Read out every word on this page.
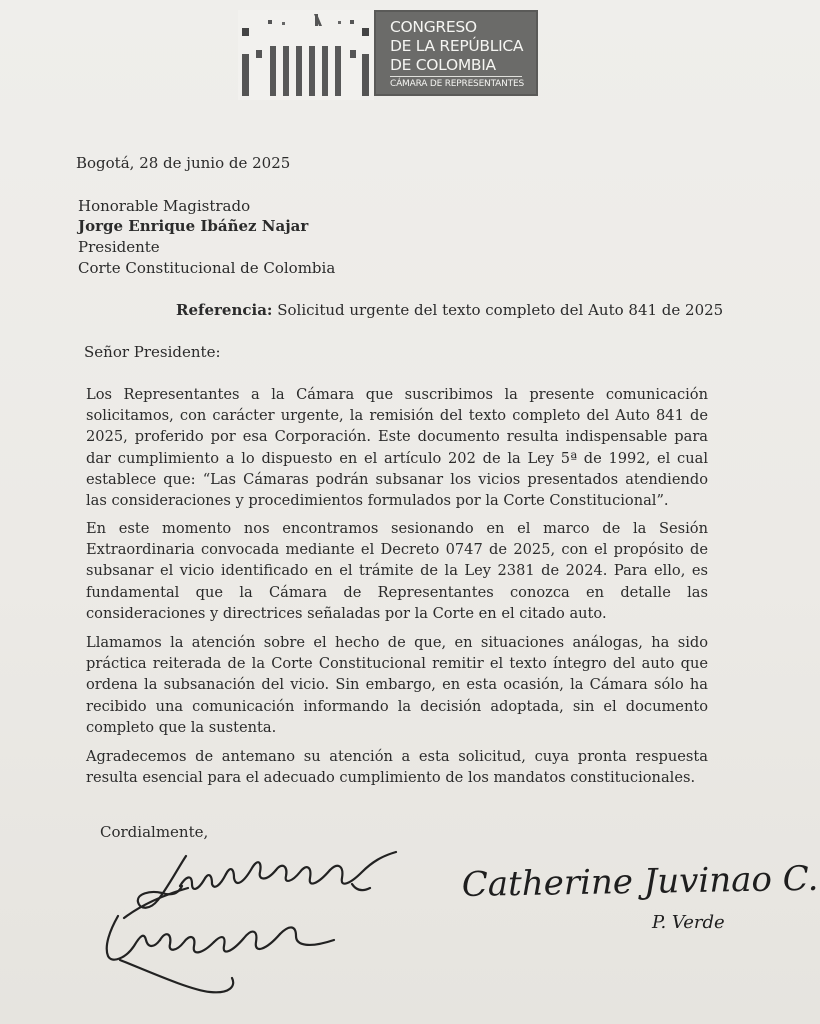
CONGRESO
DE LA REPÚBLICA
DE COLOMBIA
CÁMARA DE REPRESENTANTES
Bogotá, 28 de junio de 2025
Honorable Magistrado
Jorge Enrique Ibáñez Najar
Presidente
Corte Constitucional de Colombia
Referencia: Solicitud urgente del texto completo del Auto 841 de 2025
Señor Presidente:

Los Representantes a la Cámara que suscribimos la presente comunicación solicitamos, con carácter urgente, la remisión del texto completo del Auto 841 de 2025, proferido por esa Corporación. Este documento resulta indispensable para dar cumplimiento a lo dispuesto en el artículo 202 de la Ley 5ª de 1992, el cual establece que: “Las Cámaras podrán subsanar los vicios presentados atendiendo las consideraciones y procedimientos formulados por la Corte Constitucional”.

En este momento nos encontramos sesionando en el marco de la Sesión Extraordinaria convocada mediante el Decreto 0747 de 2025, con el propósito de subsanar el vicio identificado en el trámite de la Ley 2381 de 2024. Para ello, es fundamental que la Cámara de Representantes conozca en detalle las consideraciones y directrices señaladas por la Corte en el citado auto.

Llamamos la atención sobre el hecho de que, en situaciones análogas, ha sido práctica reiterada de la Corte Constitucional remitir el texto íntegro del auto que ordena la subsanación del vicio. Sin embargo, en esta ocasión, la Cámara sólo ha recibido una comunicación informando la decisión adoptada, sin el documento completo que la sustenta.

Agradecemos de antemano su atención a esta solicitud, cuya pronta respuesta resulta esencial para el adecuado cumplimiento de los mandatos constitucionales.

Cordialmente,
Catherine Juvinao C.
P. Verde
